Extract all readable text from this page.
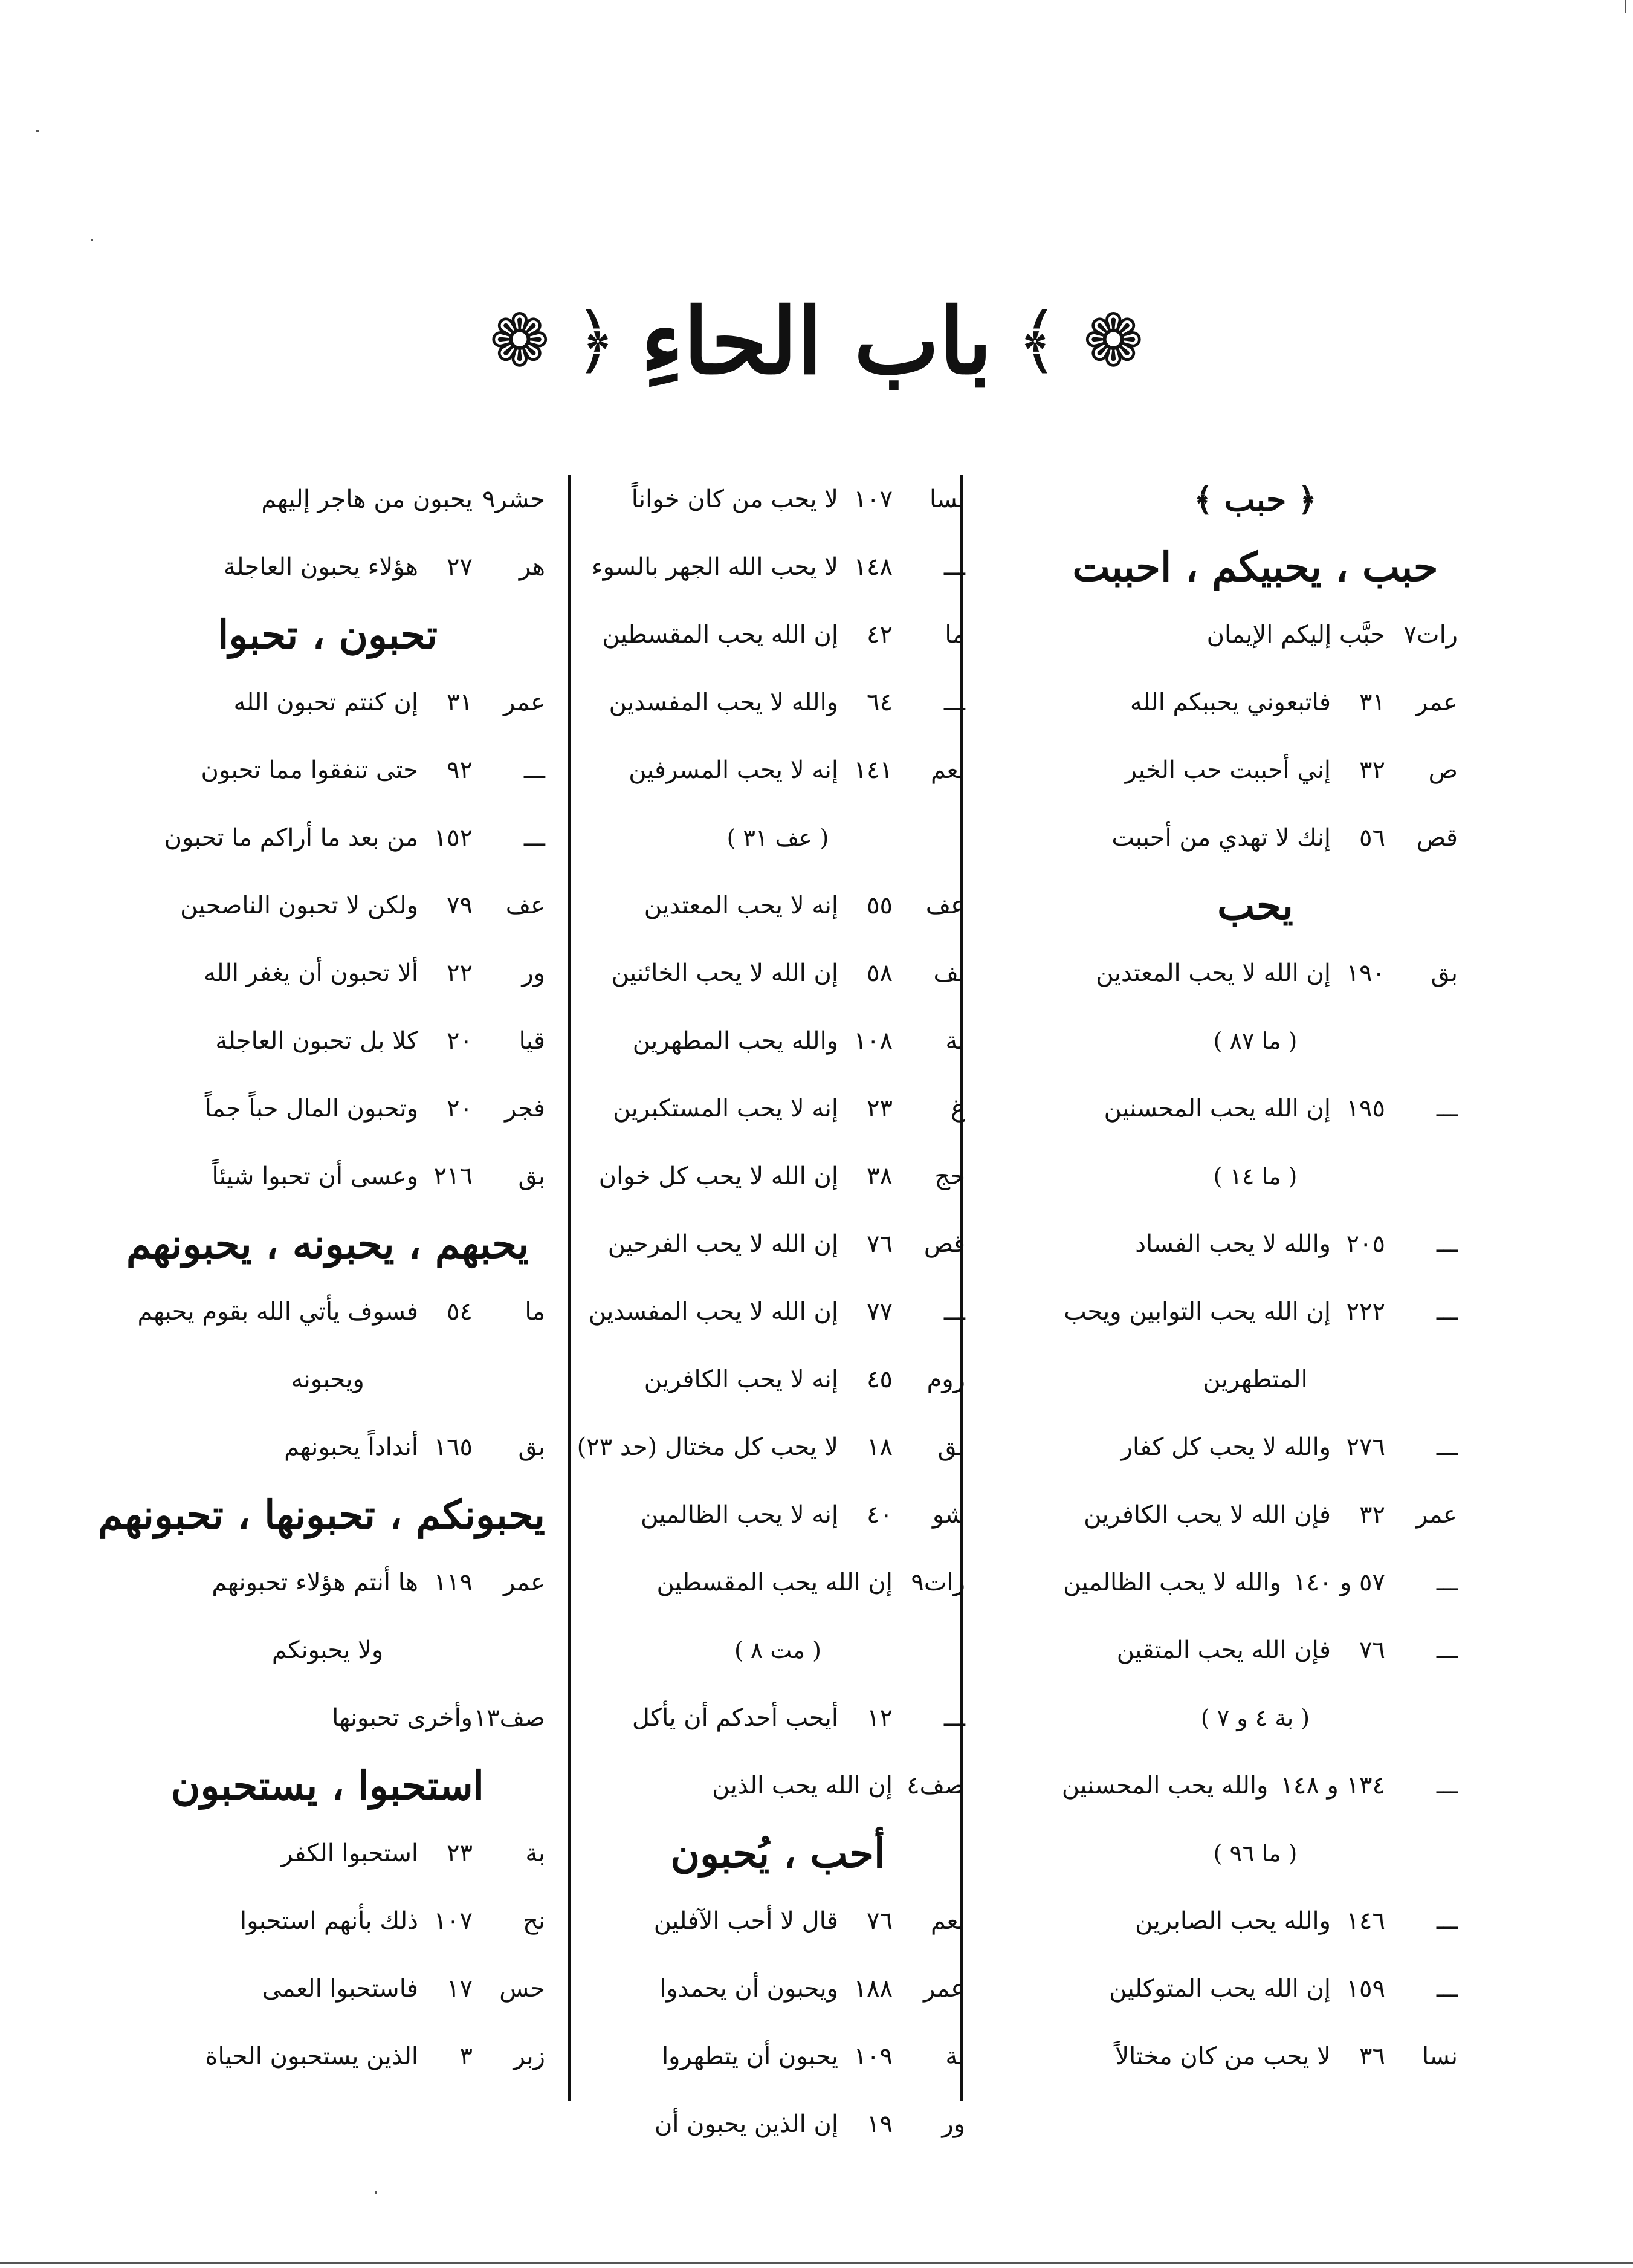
❁
﴾
باب الحاءِ
﴿
❁
﴿ حبب ﴾
حبب ، يحبيكم ، احببت
رات٧حبَّب إليكم الإيمان
عمر٣١فاتبعوني يحببكم الله
ص٣٢إني أحببت حب الخير
قص٥٦إنك لا تهدي من أحببت
يحب
بق١٩٠إن الله لا يحب المعتدين
( ما ٨٧ )
ـــ١٩٥إن الله يحب المحسنين
( ما ١٤ )
ـــ٢٠٥والله لا يحب الفساد
ـــ٢٢٢إن الله يحب التوابين ويحب
المتطهرين
ـــ٢٧٦والله لا يحب كل كفار
عمر٣٢فإن الله لا يحب الكافرين
ـــ٥٧ و ١٤٠والله لا يحب الظالمين
ـــ٧٦فإن الله يحب المتقين
( بة ٤ و ٧ )
ـــ١٣٤ و ١٤٨والله يحب المحسنين
( ما ٩٦ )
ـــ١٤٦والله يحب الصابرين
ـــ١٥٩إن الله يحب المتوكلين
نسا٣٦لا يحب من كان مختالاً
نسا١٠٧لا يحب من كان خواناً
ـــ١٤٨لا يحب الله الجهر بالسوء
ما٤٢إن الله يحب المقسطين
ـــ٦٤والله لا يحب المفسدين
نعم١٤١إنه لا يحب المسرفين
( عف ٣١ )
عف٥٥إنه لا يحب المعتدين
نف٥٨إن الله لا يحب الخائنين
بة١٠٨والله يحب المطهرين
غ٢٣إنه لا يحب المستكبرين
حج٣٨إن الله لا يحب كل خوان
قص٧٦إن الله لا يحب الفرحين
ـــ٧٧إن الله لا يحب المفسدين
روم٤٥إنه لا يحب الكافرين
لق١٨لا يحب كل مختال (حد ٢٣)
شو٤٠إنه لا يحب الظالمين
رات٩إن الله يحب المقسطين
( مت ٨ )
ـــ١٢أيحب أحدكم أن يأكل
صف٤إن الله يحب الذين
أحب ، يُحبون
نعم٧٦قال لا أحب الآفلين
عمر١٨٨ويحبون أن يحمدوا
بة١٠٩يحبون أن يتطهروا
ور١٩إن الذين يحبون أن
حشر٩يحبون من هاجر إليهم
هر٢٧هؤلاء يحبون العاجلة
تحبون ، تحبوا
عمر٣١إن كنتم تحبون الله
ـــ٩٢حتى تنفقوا مما تحبون
ـــ١٥٢من بعد ما أراكم ما تحبون
عف٧٩ولكن لا تحبون الناصحين
ور٢٢ألا تحبون أن يغفر الله
قيا٢٠كلا بل تحبون العاجلة
فجر٢٠وتحبون المال حباً جماً
بق٢١٦وعسى أن تحبوا شيئاً
يحبهم ، يحبونه ، يحبونهم
ما٥٤فسوف يأتي الله بقوم يحبهم
ويحبونه
بق١٦٥أنداداً يحبونهم
يحبونكم ، تحبونها ، تحبونهم
عمر١١٩ها أنتم هؤلاء تحبونهم
ولا يحبونكم
صف١٣وأخرى تحبونها
استحبوا ، يستحبون
بة٢٣استحبوا الكفر
نح١٠٧ذلك بأنهم استحبوا
حس١٧فاستحبوا العمى
زبر٣الذين يستحبون الحياة
